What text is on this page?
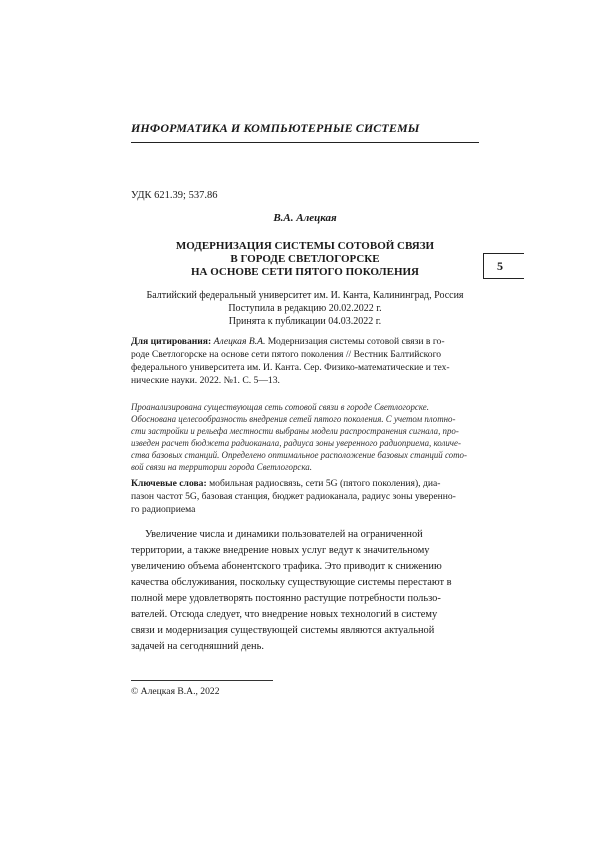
ИНФОРМАТИКА И КОМПЬЮТЕРНЫЕ СИСТЕМЫ
5
УДК 621.39; 537.86
В.А. Алецкая
МОДЕРНИЗАЦИЯ СИСТЕМЫ СОТОВОЙ СВЯЗИ
В ГОРОДЕ СВЕТЛОГОРСКЕ
НА ОСНОВЕ СЕТИ ПЯТОГО ПОКОЛЕНИЯ
Балтийский федеральный университет им. И. Канта, Калининград, Россия
Поступила в редакцию 20.02.2022 г.
Принята к публикации 04.03.2022 г.
Для цитирования: Алецкая В.А. Модернизация системы сотовой связи в го-
роде Светлогорске на основе сети пятого поколения // Вестник Балтийского
федерального университета им. И. Канта. Сер. Физико-математические и тех-
нические науки. 2022. №1. С. 5—13.
Проанализирована существующая сеть сотовой связи в городе Светлогорске.
Обоснована целесообразность внедрения сетей пятого поколения. С учетом плотно-
сти застройки и рельефа местности выбраны модели распространения сигнала, про-
изведен расчет бюджета радиоканала, радиуса зоны уверенного радиоприема, количе-
ства базовых станций. Определено оптимальное расположение базовых станций сото-
вой связи на территории города Светлогорска.
Ключевые слова: мобильная радиосвязь, сети 5G (пятого поколения), диа-
пазон частот 5G, базовая станция, бюджет радиоканала, радиус зоны уверенно-
го радиоприема
Увеличение числа и динамики пользователей на ограниченной
территории, а также внедрение новых услуг ведут к значительному
увеличению объема абонентского трафика. Это приводит к снижению
качества обслуживания, поскольку существующие системы перестают в
полной мере удовлетворять постоянно растущие потребности пользо-
вателей. Отсюда следует, что внедрение новых технологий в систему
связи и модернизация существующей системы являются актуальной
задачей на сегодняшний день.
© Алецкая В.А., 2022
